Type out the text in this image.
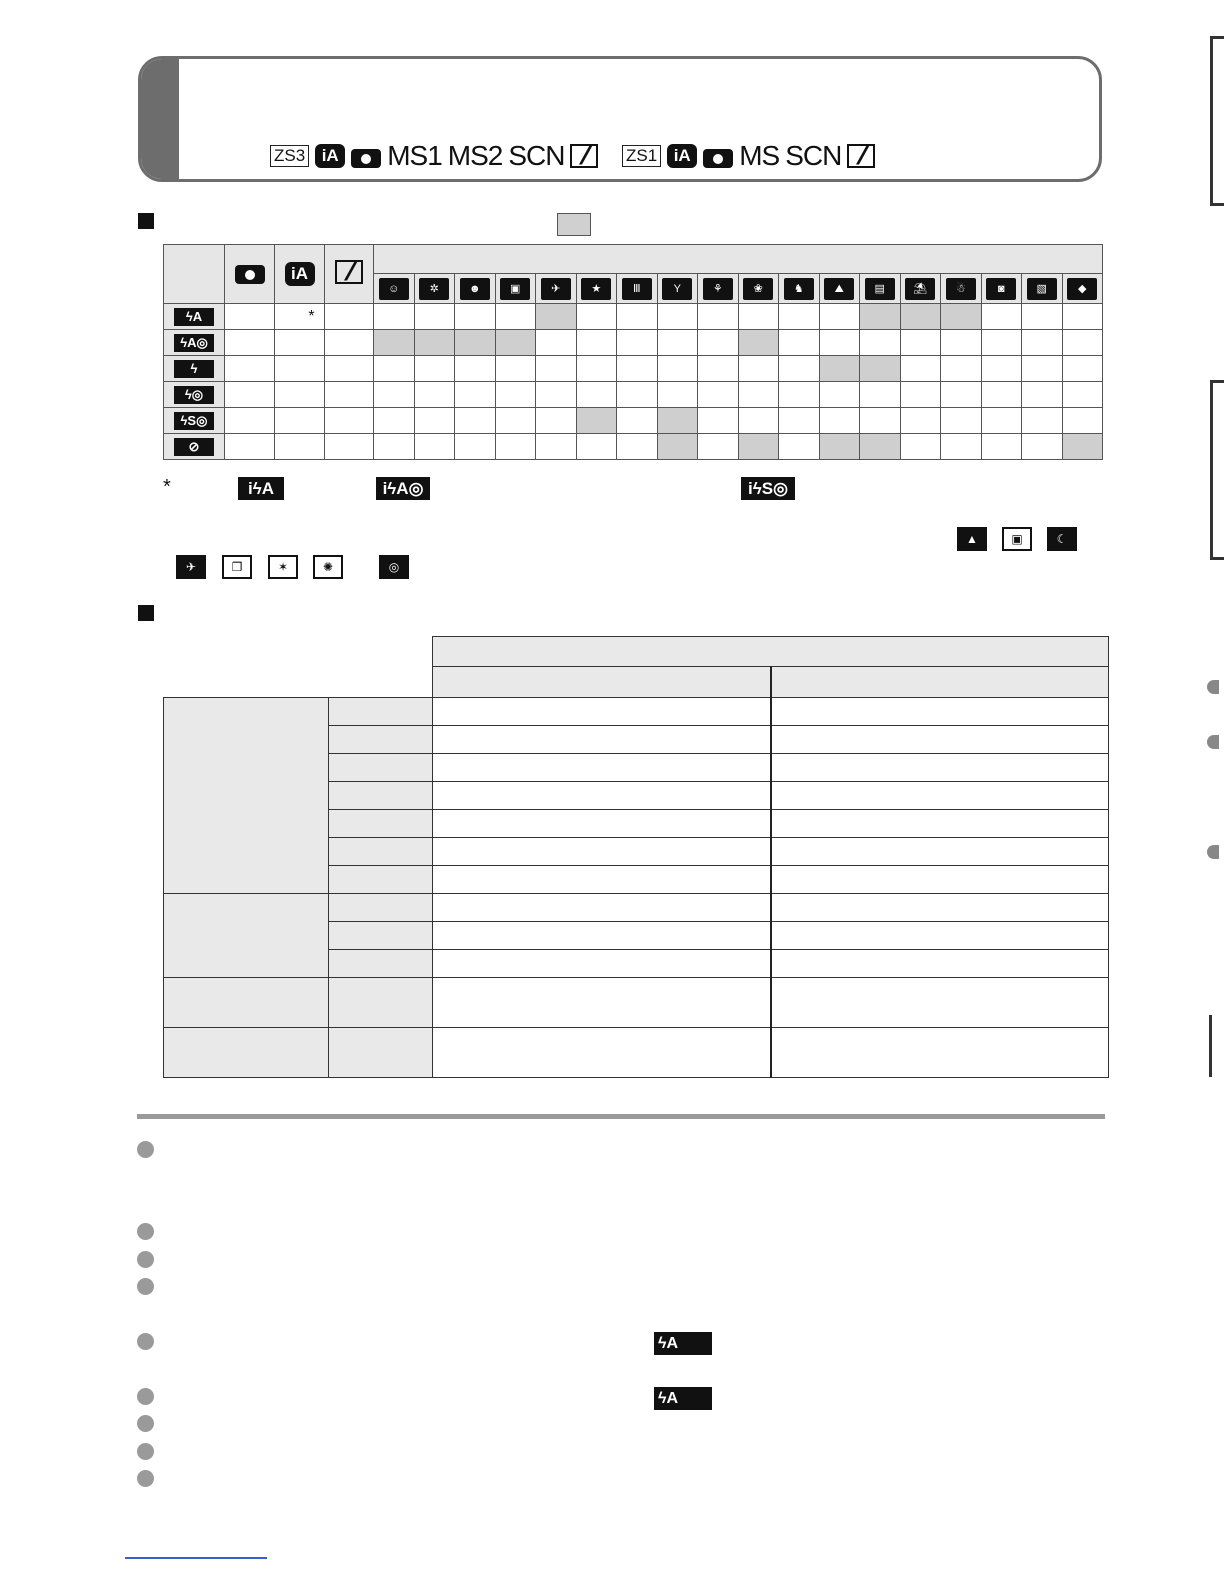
ZS3 iA MS1 MS2 SCN /	ZS1 iA MS SCN
/
		iA	/	
				☺	✲	☻	▣	✈	★	Ⅲ	Y	⚘	❀	♞	⛰	▤	⛱	☃	◙	▧	◆
ϟA		*																			
ϟA◎																					
ϟ																					
ϟ◎																					
ϟS◎																					
⊘																					
*	iϟA	iϟA◎	iϟS◎
▲	▣	☾
✈	❐	✶	✺	◎

ϟA
ϟA
